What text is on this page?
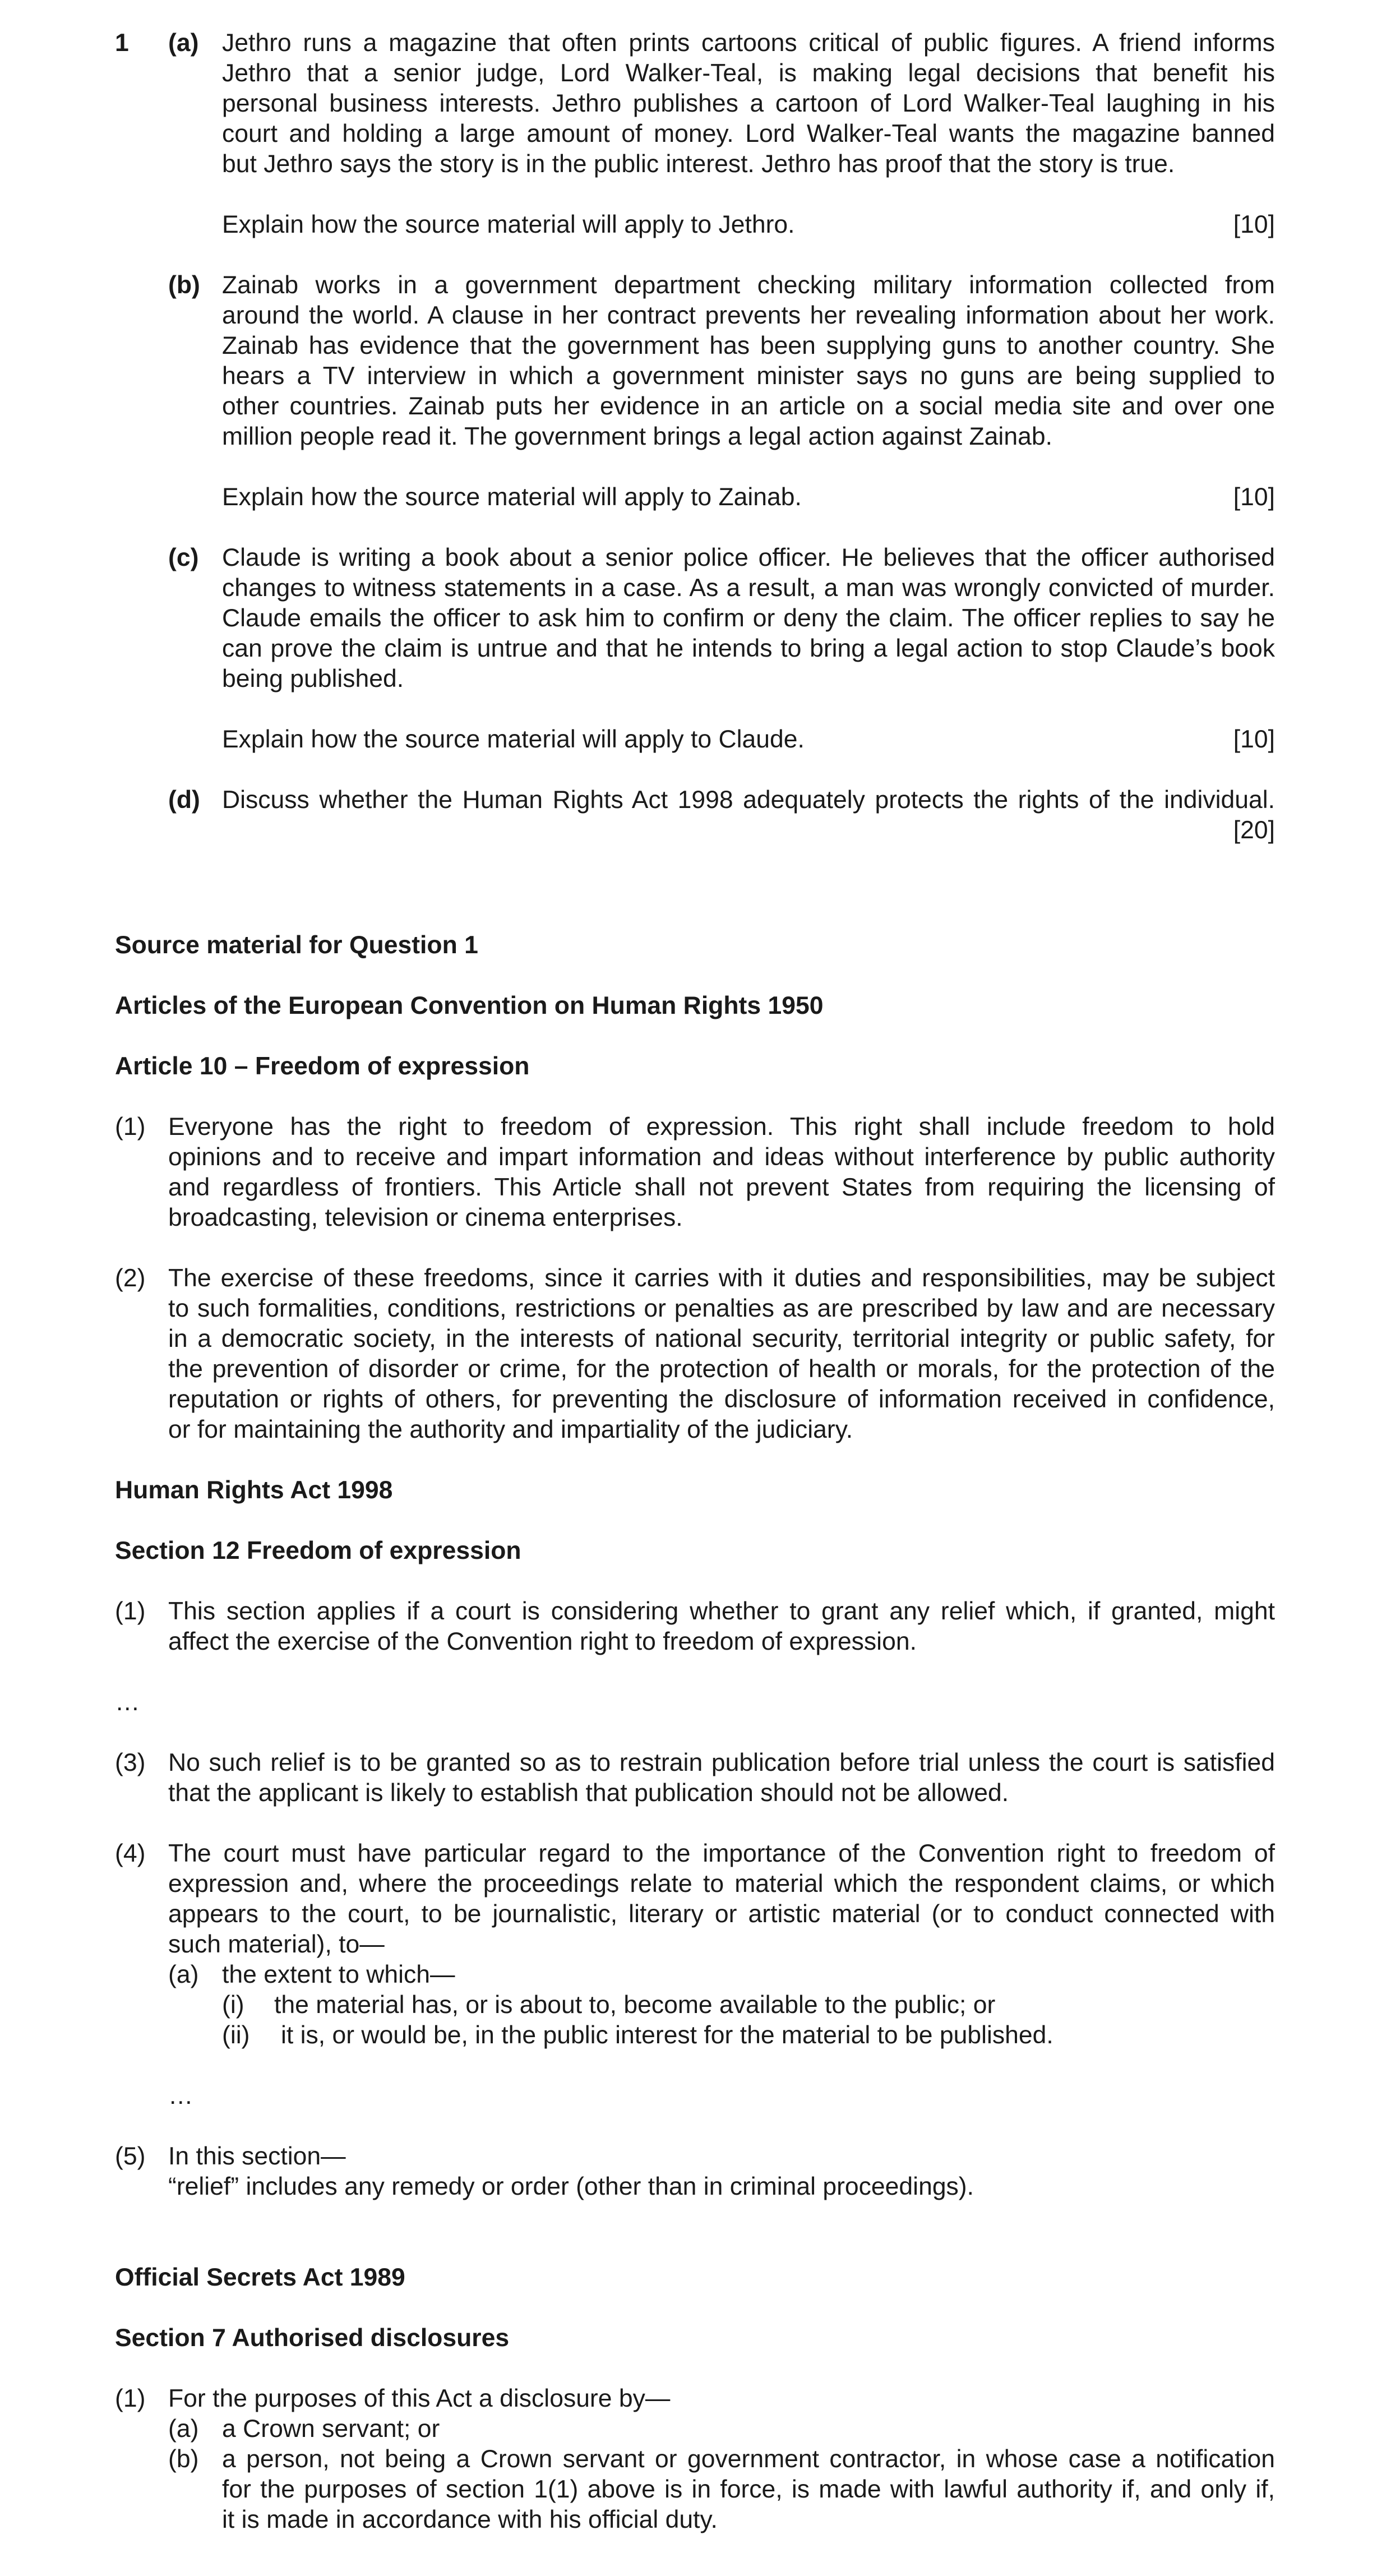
1 (a) Jethro runs a magazine that often prints cartoons critical of public figures. A friend informs
Jethro that a senior judge, Lord Walker-Teal, is making legal decisions that benefit his
personal business interests. Jethro publishes a cartoon of Lord Walker-Teal laughing in his
court and holding a large amount of money. Lord Walker-Teal wants the magazine banned
but Jethro says the story is in the public interest. Jethro has proof that the story is true.
Explain how the source material will apply to Jethro.	[10]
(b) Zainab works in a government department checking military information collected from
around the world. A clause in her contract prevents her revealing information about her work.
Zainab has evidence that the government has been supplying guns to another country. She
hears a TV interview in which a government minister says no guns are being supplied to
other countries. Zainab puts her evidence in an article on a social media site and over one
million people read it. The government brings a legal action against Zainab.
Explain how the source material will apply to Zainab.	[10]
(c) Claude is writing a book about a senior police officer. He believes that the officer authorised
changes to witness statements in a case. As a result, a man was wrongly convicted of murder.
Claude emails the officer to ask him to confirm or deny the claim. The officer replies to say he
can prove the claim is untrue and that he intends to bring a legal action to stop Claude’s book
being published.
Explain how the source material will apply to Claude.	[10]
(d) Discuss whether the Human Rights Act 1998 adequately protects the rights of the individual.
[20]
Source material for Question 1
Articles of the European Convention on Human Rights 1950
Article 10 – Freedom of expression
(1) Everyone has the right to freedom of expression. This right shall include freedom to hold
opinions and to receive and impart information and ideas without interference by public authority
and regardless of frontiers. This Article shall not prevent States from requiring the licensing of
broadcasting, television or cinema enterprises.
(2) The exercise of these freedoms, since it carries with it duties and responsibilities, may be subject
to such formalities, conditions, restrictions or penalties as are prescribed by law and are necessary
in a democratic society, in the interests of national security, territorial integrity or public safety, for
the prevention of disorder or crime, for the protection of health or morals, for the protection of the
reputation or rights of others, for preventing the disclosure of information received in confidence,
or for maintaining the authority and impartiality of the judiciary.
Human Rights Act 1998
Section 12 Freedom of expression
(1) This section applies if a court is considering whether to grant any relief which, if granted, might
affect the exercise of the Convention right to freedom of expression.
…
(3) No such relief is to be granted so as to restrain publication before trial unless the court is satisfied
that the applicant is likely to establish that publication should not be allowed.
(4) The court must have particular regard to the importance of the Convention right to freedom of
expression and, where the proceedings relate to material which the respondent claims, or which
appears to the court, to be journalistic, literary or artistic material (or to conduct connected with
such material), to—
(a) the extent to which—
(i) the material has, or is about to, become available to the public; or
(ii) it is, or would be, in the public interest for the material to be published.
…
(5) In this section—
“relief” includes any remedy or order (other than in criminal proceedings).
Official Secrets Act 1989
Section 7 Authorised disclosures
(1) For the purposes of this Act a disclosure by—
(a) a Crown servant; or
(b) a person, not being a Crown servant or government contractor, in whose case a notification
for the purposes of section 1(1) above is in force, is made with lawful authority if, and only if,
it is made in accordance with his official duty.
